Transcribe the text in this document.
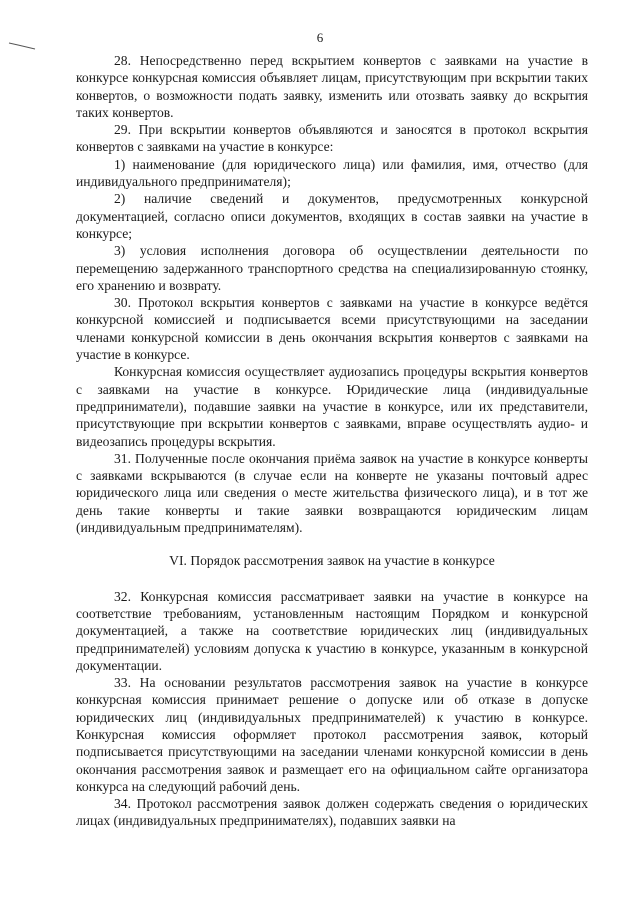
6

28. Непосредственно перед вскрытием конвертов с заявками на участие в конкурсе конкурсная комиссия объявляет лицам, присутствующим при вскрытии таких конвертов, о возможности подать заявку, изменить или отозвать заявку до вскрытия таких конвертов.

29. При вскрытии конвертов объявляются и заносятся в протокол вскрытия конвертов с заявками на участие в конкурсе:

1) наименование (для юридического лица) или фамилия, имя, отчество (для индивидуального предпринимателя);

2) наличие сведений и документов, предусмотренных конкурсной документацией, согласно описи документов, входящих в состав заявки на участие в конкурсе;

3) условия исполнения договора об осуществлении деятельности по перемещению задержанного транспортного средства на специализированную стоянку, его хранению и возврату.

30. Протокол вскрытия конвертов с заявками на участие в конкурсе ведётся конкурсной комиссией и подписывается всеми присутствующими на заседании членами конкурсной комиссии в день окончания вскрытия конвертов с заявками на участие в конкурсе.

Конкурсная комиссия осуществляет аудиозапись процедуры вскрытия конвертов с заявками на участие в конкурсе. Юридические лица (индивидуальные предприниматели), подавшие заявки на участие в конкурсе, или их представители, присутствующие при вскрытии конвертов с заявками, вправе осуществлять аудио- и видеозапись процедуры вскрытия.

31. Полученные после окончания приёма заявок на участие в конкурсе конверты с заявками вскрываются (в случае если на конверте не указаны почтовый адрес юридического лица или сведения о месте жительства физического лица), и в тот же день такие конверты и такие заявки возвращаются юридическим лицам (индивидуальным предпринимателям).

VI. Порядок рассмотрения заявок на участие в конкурсе

32. Конкурсная комиссия рассматривает заявки на участие в конкурсе на соответствие требованиям, установленным настоящим Порядком и конкурсной документацией, а также на соответствие юридических лиц (индивидуальных предпринимателей) условиям допуска к участию в конкурсе, указанным в конкурсной документации.

33. На основании результатов рассмотрения заявок на участие в конкурсе конкурсная комиссия принимает решение о допуске или об отказе в допуске юридических лиц (индивидуальных предпринимателей) к участию в конкурсе. Конкурсная комиссия оформляет протокол рассмотрения заявок, который подписывается присутствующими на заседании членами конкурсной комиссии в день окончания рассмотрения заявок и размещает его на официальном сайте организатора конкурса на следующий рабочий день.

34. Протокол рассмотрения заявок должен содержать сведения о юридических лицах (индивидуальных предпринимателях), подавших заявки на
